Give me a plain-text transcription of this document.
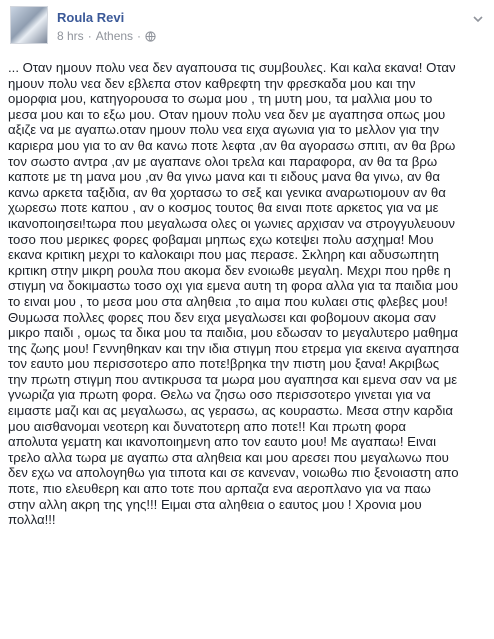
Roula Revi
8 hrs · Athens ·
... Οταν ημουν πολυ νεα δεν αγαπουσα τις συμβουλες. Και καλα εκανα! Οταν
ημουν πολυ νεα δεν εβλεπα στον καθρεφτη την φρεσκαδα μου και την
ομορφια μου, κατηγορουσα το σωμα μου , τη μυτη μου, τα μαλλια μου το
μεσα μου και το εξω μου. Οταν ημουν πολυ νεα δεν με αγαπησα οπως μου
αξιζε να με αγαπω.οταν ημουν πολυ νεα ειχα αγωνια για το μελλον για την
καριερα μου για το αν θα κανω ποτε λεφτα ,αν θα αγορασω σπιτι, αν θα βρω
τον σωστο αντρα ,αν με αγαπανε ολοι τρελα και παραφορα, αν θα τα βρω
καποτε με τη μανα μου ,αν θα γινω μανα και τι ειδους μανα θα γινω, αν θα
κανω αρκετα ταξιδια, αν θα χορτασω το σεξ και γενικα αναρωτιομουν αν θα
χωρεσω ποτε καπου , αν ο κοσμος τουτος θα ειναι ποτε αρκετος για να με
ικανοποιησει!τωρα που μεγαλωσα ολες οι γωνιες αρχισαν να στρογγυλευουν
τοσο που μερικες φορες φοβαμαι μηπως εχω κοτεψει πολυ ασχημα! Μου
εκανα κριτικη μεχρι το καλοκαιρι που μας περασε. Σκληρη και αδυσωπητη
κριτικη στην μικρη ρουλα που ακομα δεν ενοιωθε μεγαλη. Μεχρι που ηρθε η
στιγμη να δοκιμαστω τοσο οχι για εμενα αυτη τη φορα αλλα για τα παιδια μου
το ειναι μου , το μεσα μου στα αληθεια ,το αιμα που κυλαει στις φλεβες μου!
Θυμωσα πολλες φορες που δεν ειχα μεγαλωσει και φοβομουν ακομα σαν
μικρο παιδι , ομως τα δικα μου τα παιδια, μου εδωσαν το μεγαλυτερο μαθημα
της ζωης μου! Γεννηθηκαν και την ιδια στιγμη που ετρεμα για εκεινα αγαπησα
τον εαυτο μου περισσοτερο απο ποτε!βρηκα την πιστη μου ξανα! Ακριβως
την πρωτη στιγμη που αντικρυσα τα μωρα μου αγαπησα και εμενα σαν να με
γνωριζα για πρωτη φορα. Θελω να ζησω οσο περισσοτερο γινεται για να
ειμαστε μαζι και ας μεγαλωσω, ας γερασω, ας κουραστω. Μεσα στην καρδια
μου αισθανομαι νεοτερη και δυνατοτερη απο ποτε!! Και πρωτη φορα
απολυτα γεματη και ικανοποιημενη απο τον εαυτο μου! Με αγαπαω! Ειναι
τρελο αλλα τωρα με αγαπω στα αληθεια και μου αρεσει που μεγαλωνω που
δεν εχω να απολογηθω για τιποτα και σε κανεναν, νοιωθω πιο ξενοιαστη απο
ποτε, πιο ελευθερη και απο τοτε που αρπαζα ενα αεροπλανο για να παω
στην αλλη ακρη της γης!!! Ειμαι στα αληθεια ο εαυτος μου ! Χρονια μου
πολλα!!!
